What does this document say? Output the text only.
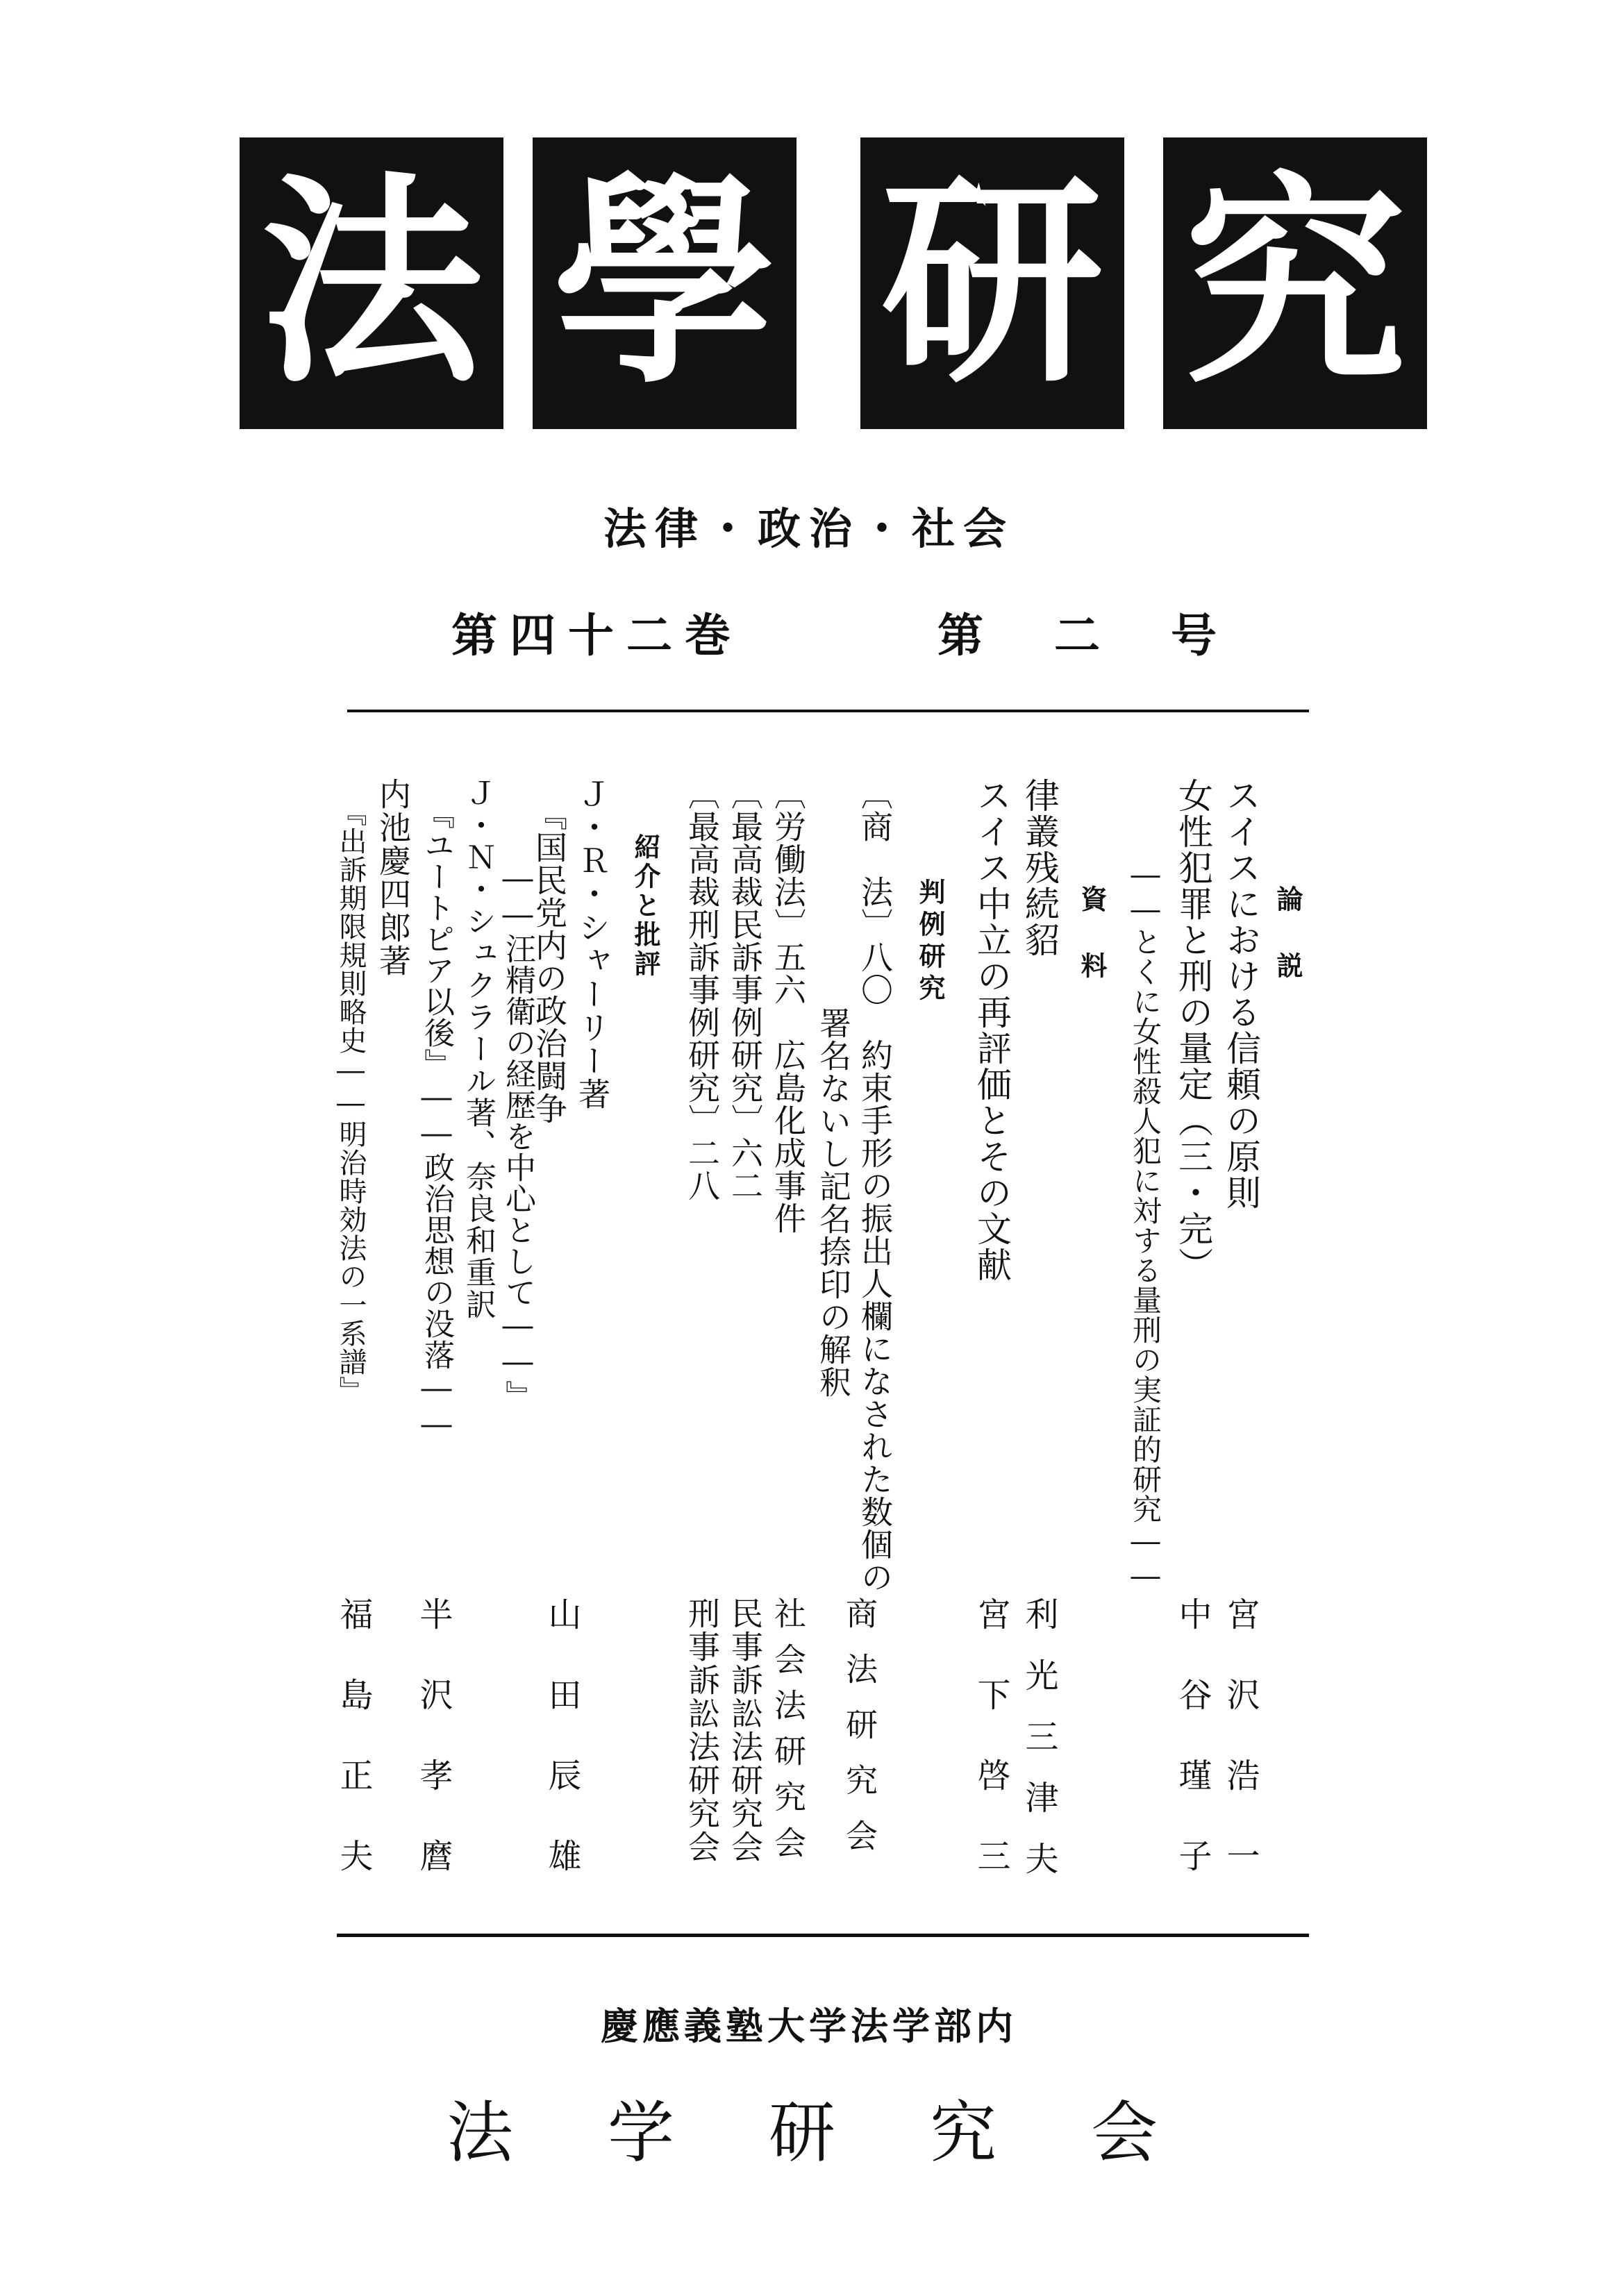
法 學 研 究
法律・政治・社会
第四十二巻	第　二　号
論　説
スイスにおける信頼の原則
宮沢浩一
女性犯罪と刑の量定（三・完）
中谷瑾子
――とくに女性殺人犯に対する量刑の実証的研究――
資　料
律叢残続貂
利光三津夫
スイス中立の再評価とその文献
宮下啓三
判例研究
〔商　法〕八〇　約束手形の振出人欄になされた数個の
商法研究会
署名ないし記名捺印の解釈
〔労働法〕五六　広島化成事件
社会法研究会
〔最高裁民訴事例研究〕六二
民事訴訟法研究会
〔最高裁刑訴事例研究〕二八
刑事訴訟法研究会
紹介と批評
Ｊ・Ｒ・シャーリー著
『国民党内の政治闘争
山田辰雄
――汪精衛の経歴を中心として――』
Ｊ・Ｎ・シュクラール著、奈良和重訳
『ユートピア以後』――政治思想の没落――
半沢孝麿
内池慶四郎著
『出訴期限規則略史――明治時効法の一系譜』
福島正夫
慶應義塾大学法学部内
法　学　研　究　会
